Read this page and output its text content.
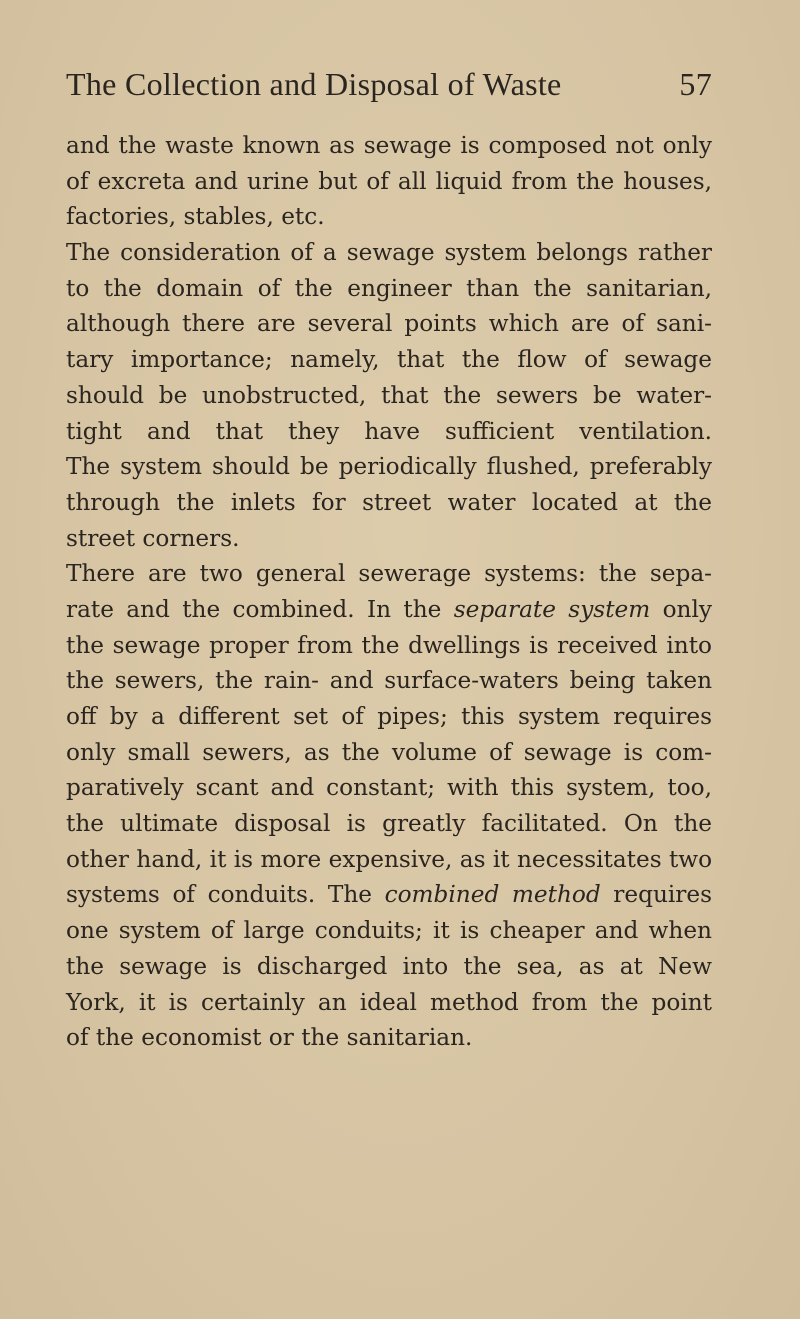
The Collection and Disposal of Waste	57
and the waste known as sewage is composed not only
of excreta and urine but of all liquid from the houses,
factories, stables, etc.
The consideration of a sewage system belongs rather
to the domain of the engineer than the sanitarian,
although there are several points which are of sani-
tary importance; namely, that the flow of sewage
should be unobstructed, that the sewers be water-
tight and that they have sufficient ventilation.
The system should be periodically flushed, preferably
through the inlets for street water located at the
street corners.
There are two general sewerage systems: the sepa-
rate and the combined. In the separate system only
the sewage proper from the dwellings is received into
the sewers, the rain- and surface-waters being taken
off by a different set of pipes; this system requires
only small sewers, as the volume of sewage is com-
paratively scant and constant; with this system, too,
the ultimate disposal is greatly facilitated. On the
other hand, it is more expensive, as it necessitates two
systems of conduits. The combined method requires
one system of large conduits; it is cheaper and when
the sewage is discharged into the sea, as at New
York, it is certainly an ideal method from the point
of the economist or the sanitarian.
